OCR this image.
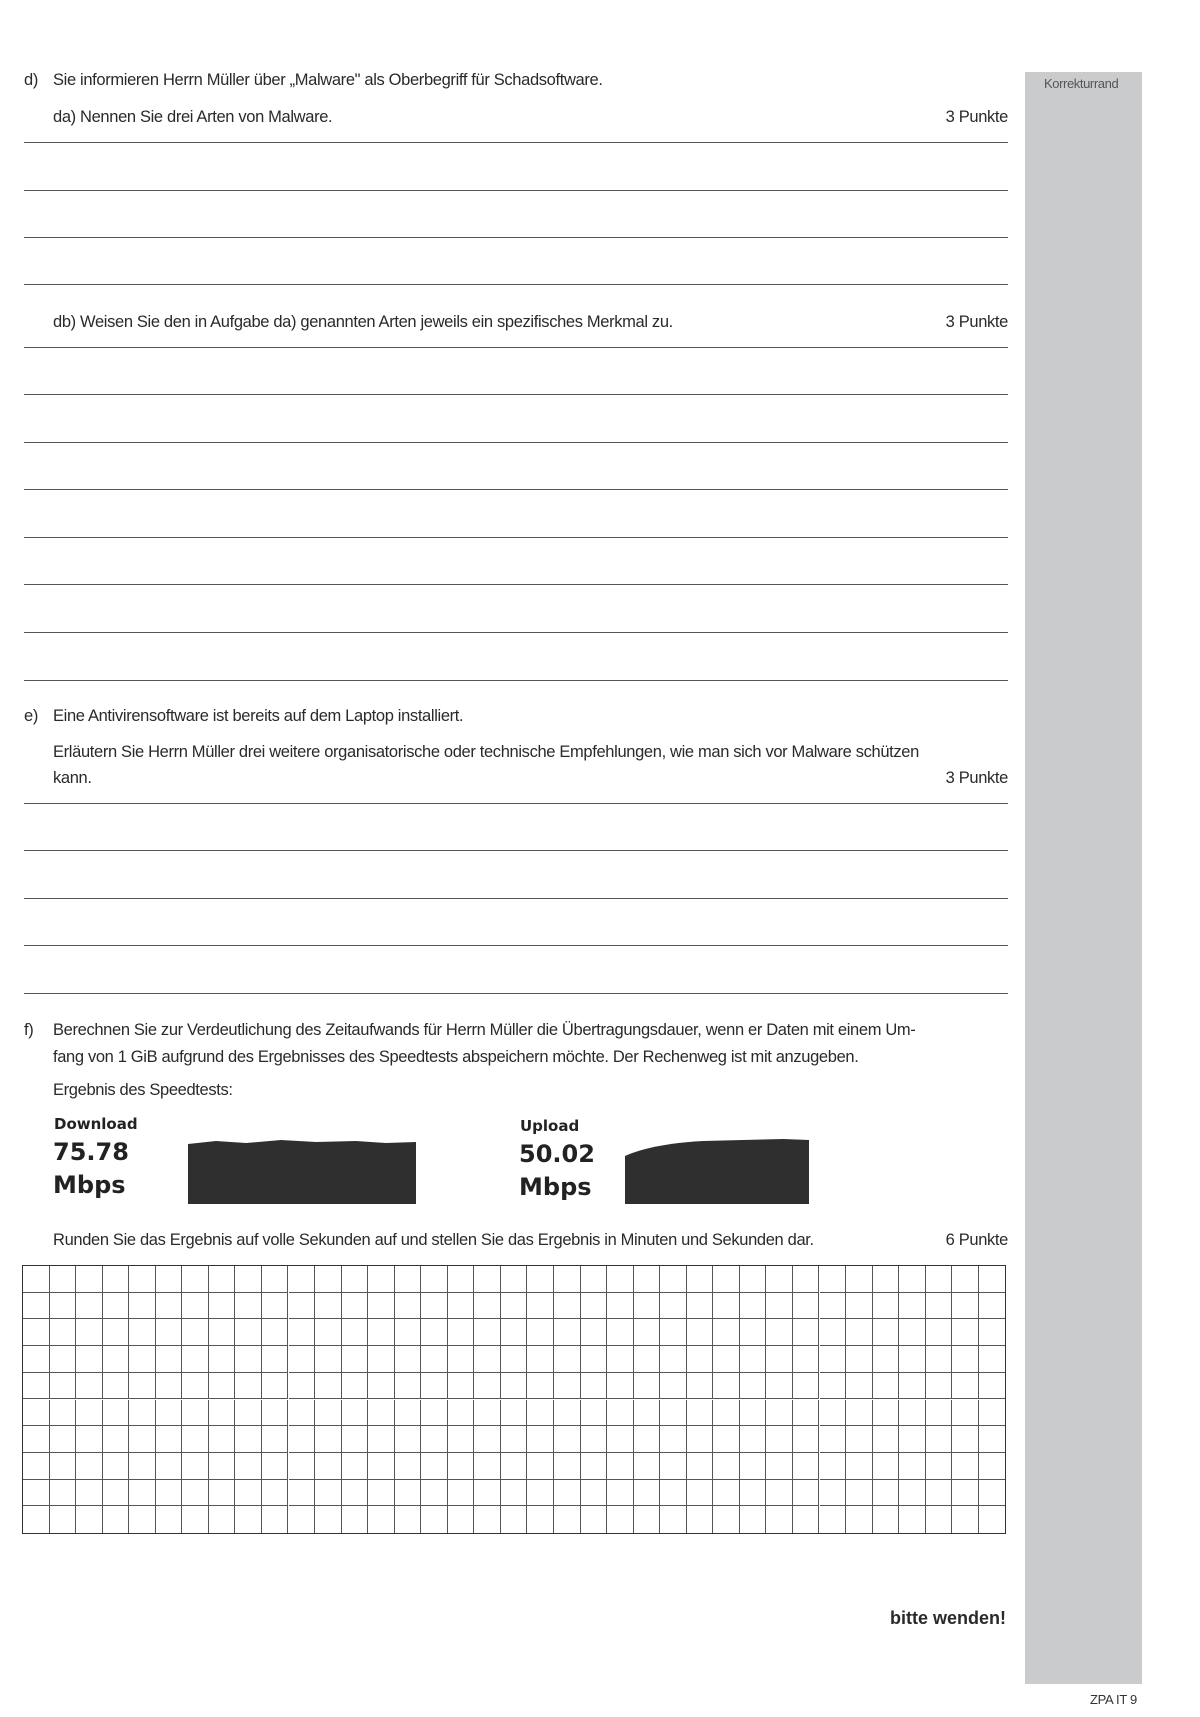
Korrekturrand
d) Sie informieren Herrn Müller über „Malware" als Oberbegriff für Schadsoftware.
da) Nennen Sie drei Arten von Malware.	3 Punkte
db) Weisen Sie den in Aufgabe da) genannten Arten jeweils ein spezifisches Merkmal zu.	3 Punkte
e) Eine Antivirensoftware ist bereits auf dem Laptop installiert.
Erläutern Sie Herrn Müller drei weitere organisatorische oder technische Empfehlungen, wie man sich vor Malware schützen
kann.	3 Punkte
f) Berechnen Sie zur Verdeutlichung des Zeitaufwands für Herrn Müller die Übertragungsdauer, wenn er Daten mit einem Um-
fang von 1 GiB aufgrund des Ergebnisses des Speedtests abspeichern möchte. Der Rechenweg ist mit anzugeben.
Ergebnis des Speedtests:
Download
75.78
Mbps
Upload
50.02
Mbps
Runden Sie das Ergebnis auf volle Sekunden auf und stellen Sie das Ergebnis in Minuten und Sekunden dar.	6 Punkte
bitte wenden!
ZPA IT 9
